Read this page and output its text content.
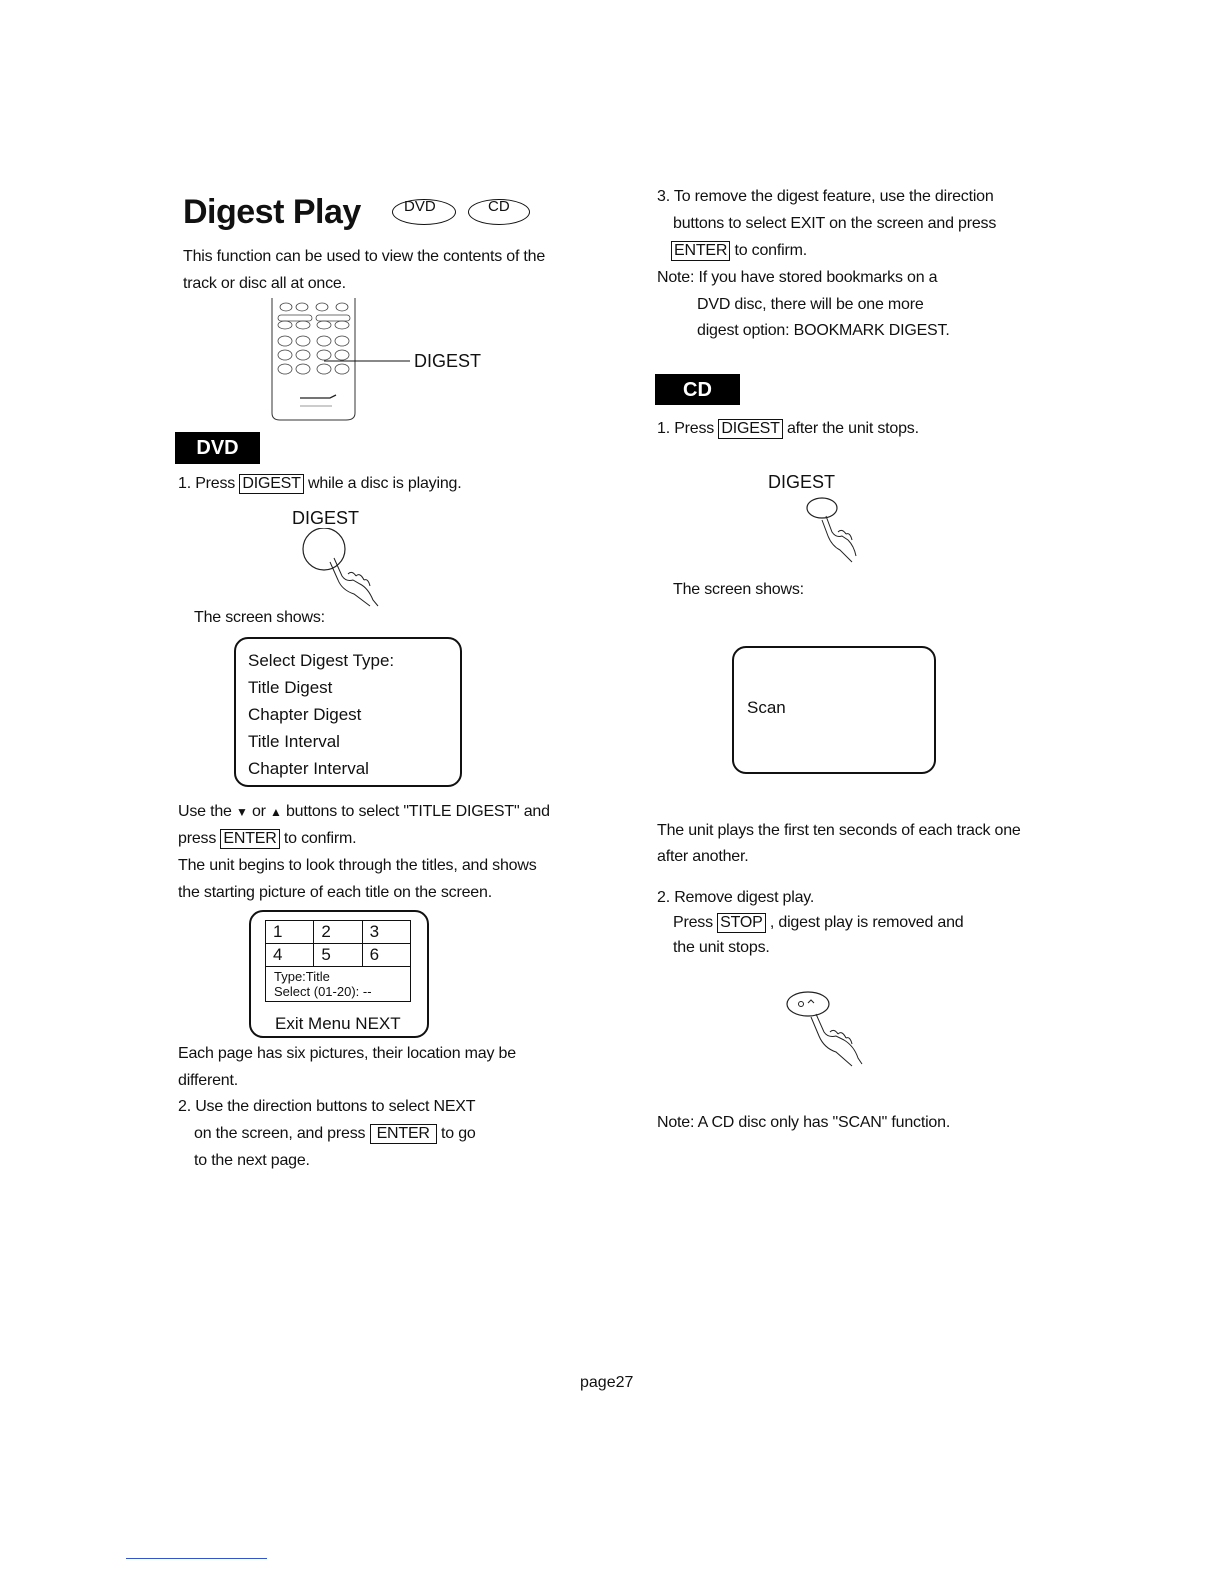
Digest Play	DVD	CD
This function can be used to view the contents of the
track or disc all at once.
DIGEST
DVD
1. Press DIGEST while a disc is playing.
DIGEST
The screen shows:
Select Digest Type:
Title Digest
Chapter Digest
Title Interval
Chapter Interval
Use the ▼ or ▲ buttons to select "TITLE DIGEST" and
press ENTER to confirm.
The unit begins to look through the titles, and shows
the starting picture of each title on the screen.
1	2	3
4	5	6
Type:Title
Select (01-20): --		
Exit Menu NEXT
Each page has six pictures, their location may be
different.
2. Use the direction buttons to select NEXT
on the screen, and press ENTER to go
to the next page.
3. To remove the digest feature, use the direction
buttons to select EXIT on the screen and press
ENTER to confirm.
Note: If you have stored bookmarks on a
DVD disc, there will be one more
digest option: BOOKMARK DIGEST.
CD
1. Press DIGEST after the unit stops.
DIGEST
The screen shows:
Scan
The unit plays the first ten seconds of each track one
after another.
2. Remove digest play.
Press STOP , digest play is removed and
the unit stops.
Note: A CD disc only has "SCAN" function.
page27
